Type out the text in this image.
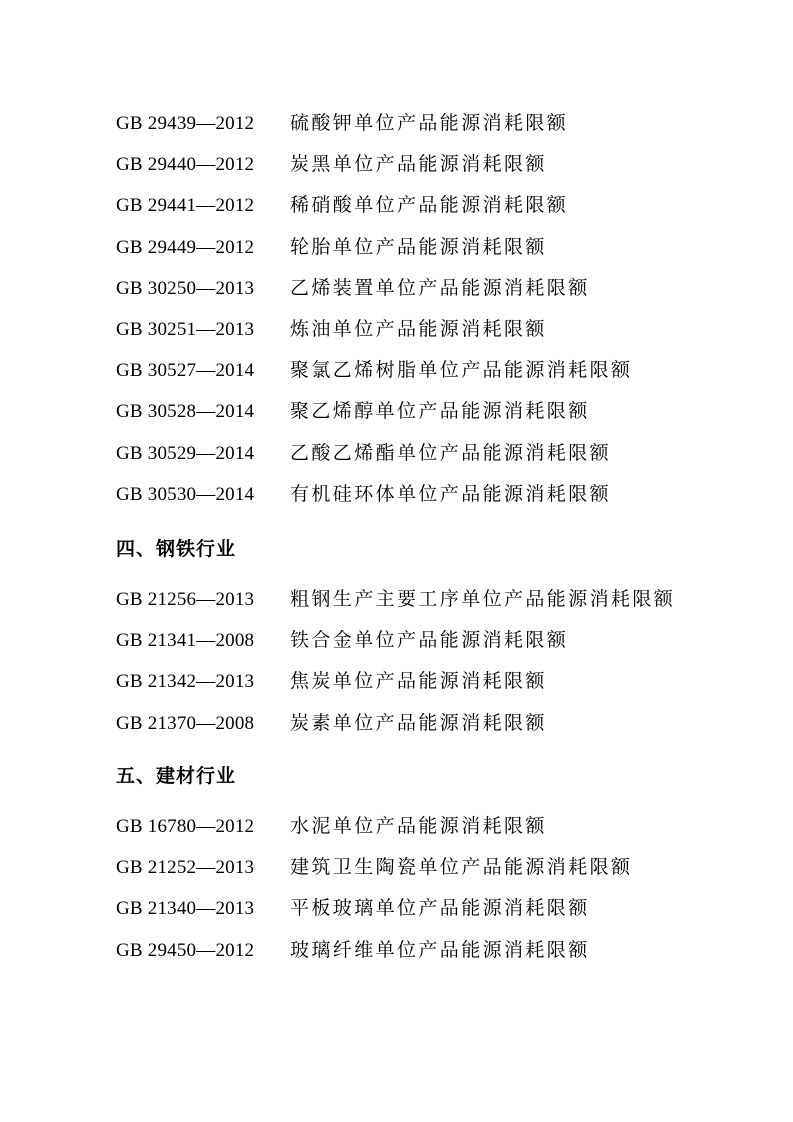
GB 29439—2012	硫酸钾单位产品能源消耗限额
GB 29440—2012	炭黑单位产品能源消耗限额
GB 29441—2012	稀硝酸单位产品能源消耗限额
GB 29449—2012	轮胎单位产品能源消耗限额
GB 30250—2013	乙烯装置单位产品能源消耗限额
GB 30251—2013	炼油单位产品能源消耗限额
GB 30527—2014	聚氯乙烯树脂单位产品能源消耗限额
GB 30528—2014	聚乙烯醇单位产品能源消耗限额
GB 30529—2014	乙酸乙烯酯单位产品能源消耗限额
GB 30530—2014	有机硅环体单位产品能源消耗限额
四、钢铁行业
GB 21256—2013	粗钢生产主要工序单位产品能源消耗限额
GB 21341—2008	铁合金单位产品能源消耗限额
GB 21342—2013	焦炭单位产品能源消耗限额
GB 21370—2008	炭素单位产品能源消耗限额
五、建材行业
GB 16780—2012	水泥单位产品能源消耗限额
GB 21252—2013	建筑卫生陶瓷单位产品能源消耗限额
GB 21340—2013	平板玻璃单位产品能源消耗限额
GB 29450—2012	玻璃纤维单位产品能源消耗限额
